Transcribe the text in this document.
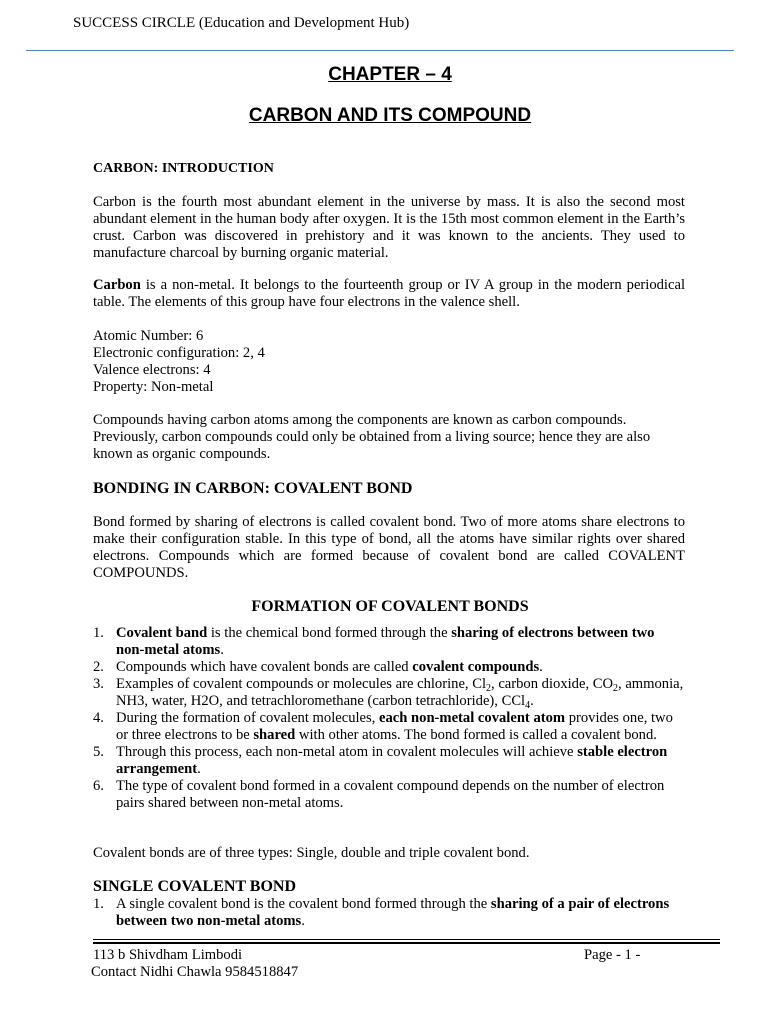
SUCCESS CIRCLE (Education and Development Hub)
CHAPTER – 4
CARBON AND ITS COMPOUND
CARBON: INTRODUCTION
Carbon is the fourth most abundant element in the universe by mass. It is also the second most abundant element in the human body after oxygen. It is the 15th most common element in the Earth’s crust. Carbon was discovered in prehistory and it was known to the ancients. They used to manufacture charcoal by burning organic material.
Carbon is a non-metal. It belongs to the fourteenth group or IV A group in the modern periodical table. The elements of this group have four electrons in the valence shell.
Atomic Number: 6
Electronic configuration: 2, 4
Valence electrons: 4
Property: Non-metal
Compounds having carbon atoms among the components are known as carbon compounds. Previously, carbon compounds could only be obtained from a living source; hence they are also known as organic compounds.
BONDING IN CARBON: COVALENT BOND
Bond formed by sharing of electrons is called covalent bond. Two of more atoms share electrons to make their configuration stable. In this type of bond, all the atoms have similar rights over shared electrons. Compounds which are formed because of covalent bond are called COVALENT COMPOUNDS.
FORMATION OF COVALENT BONDS
1. Covalent band is the chemical bond formed through the sharing of electrons between two non-metal atoms.
2. Compounds which have covalent bonds are called covalent compounds.
3. Examples of covalent compounds or molecules are chlorine, $Cl_2$, carbon dioxide, $CO_2$, ammonia, NH3, water, H2O, and tetrachloromethane (carbon tetrachloride), CCl$_4$.
4. During the formation of covalent molecules, each non-metal covalent atom provides one, two or three electrons to be shared with other atoms. The bond formed is called a covalent bond.
5. Through this process, each non-metal atom in covalent molecules will achieve stable electron arrangement.
6. The type of covalent bond formed in a covalent compound depends on the number of electron pairs shared between non-metal atoms.
Covalent bonds are of three types: Single, double and triple covalent bond.
SINGLE COVALENT BOND
1. A single covalent bond is the covalent bond formed through the sharing of a pair of electrons between two non-metal atoms.
113 b Shivdham Limbodi	Page - 1 -
Contact Nidhi Chawla 9584518847
